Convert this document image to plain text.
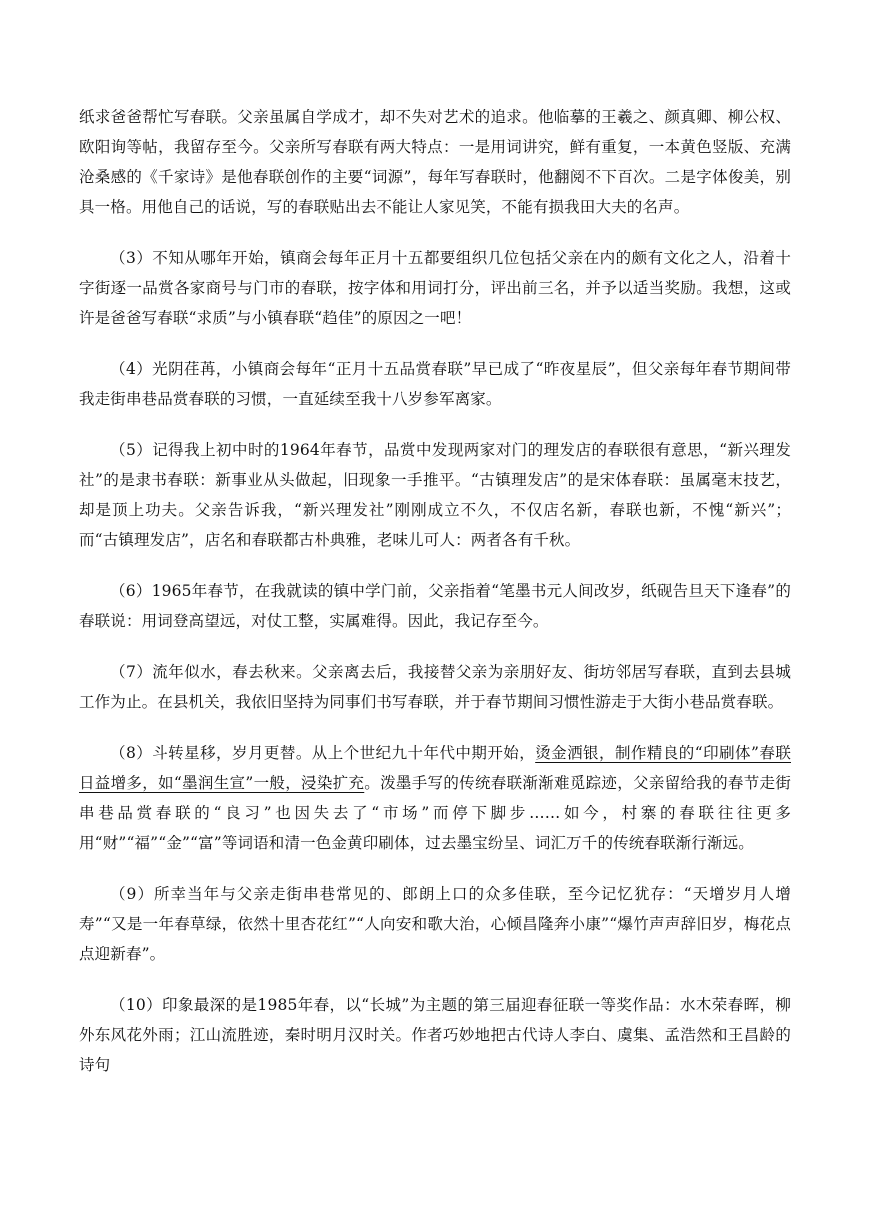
纸求爸爸帮忙写春联。父亲虽属自学成才，却不失对艺术的追求。他临摹的王羲之、颜真卿、柳公权、欧阳询等帖，我留存至今。父亲所写春联有两大特点：一是用词讲究，鲜有重复，一本黄色竖版、充满沧桑感的《千家诗》是他春联创作的主要“词源”，每年写春联时，他翻阅不下百次。二是字体俊美，别具一格。用他自己的话说，写的春联贴出去不能让人家见笑，不能有损我田大夫的名声。

（3）不知从哪年开始，镇商会每年正月十五都要组织几位包括父亲在内的颇有文化之人，沿着十字街逐一品赏各家商号与门市的春联，按字体和用词打分，评出前三名，并予以适当奖励。我想，这或许是爸爸写春联“求质”与小镇春联“趋佳”的原因之一吧！

（4）光阴荏苒，小镇商会每年“正月十五品赏春联”早已成了“昨夜星辰”，但父亲每年春节期间带我走街串巷品赏春联的习惯，一直延续至我十八岁参军离家。

（5）记得我上初中时的1964年春节，品赏中发现两家对门的理发店的春联很有意思，“新兴理发社”的是隶书春联：新事业从头做起，旧现象一手推平。“古镇理发店”的是宋体春联：虽属毫末技艺，却是顶上功夫。父亲告诉我，“新兴理发社”刚刚成立不久，不仅店名新，春联也新，不愧“新兴”；而“古镇理发店”，店名和春联都古朴典雅，老味儿可人：两者各有千秋。

（6）1965年春节，在我就读的镇中学门前，父亲指着“笔墨书元人间改岁，纸砚告旦天下逢春”的春联说：用词登高望远，对仗工整，实属难得。因此，我记存至今。

（7）流年似水，春去秋来。父亲离去后，我接替父亲为亲朋好友、街坊邻居写春联，直到去县城工作为止。在县机关，我依旧坚持为同事们书写春联，并于春节期间习惯性游走于大街小巷品赏春联。

（8）斗转星移，岁月更替。从上个世纪九十年代中期开始，烫金洒银，制作精良的“印刷体”春联日益增多，如“墨润生宣”一般，浸染扩充。泼墨手写的传统春联渐渐难觅踪迹，父亲留给我的春节走街串巷品赏春联的“良习”也因失去了“市场”而停下脚步……如今，村寨的春联往往更多用“财”“福”“金”“富”等词语和清一色金黄印刷体，过去墨宝纷呈、词汇万千的传统春联渐行渐远。

（9）所幸当年与父亲走街串巷常见的、郎朗上口的众多佳联，至今记忆犹存：“天增岁月人增寿”“又是一年春草绿，依然十里杏花红”“人向安和歌大治，心倾昌隆奔小康”“爆竹声声辞旧岁，梅花点点迎新春”。

（10）印象最深的是1985年春，以“长城”为主题的第三届迎春征联一等奖作品：水木荣春晖，柳外东风花外雨；江山流胜迹，秦时明月汉时关。作者巧妙地把古代诗人李白、虞集、孟浩然和王昌龄的诗句
